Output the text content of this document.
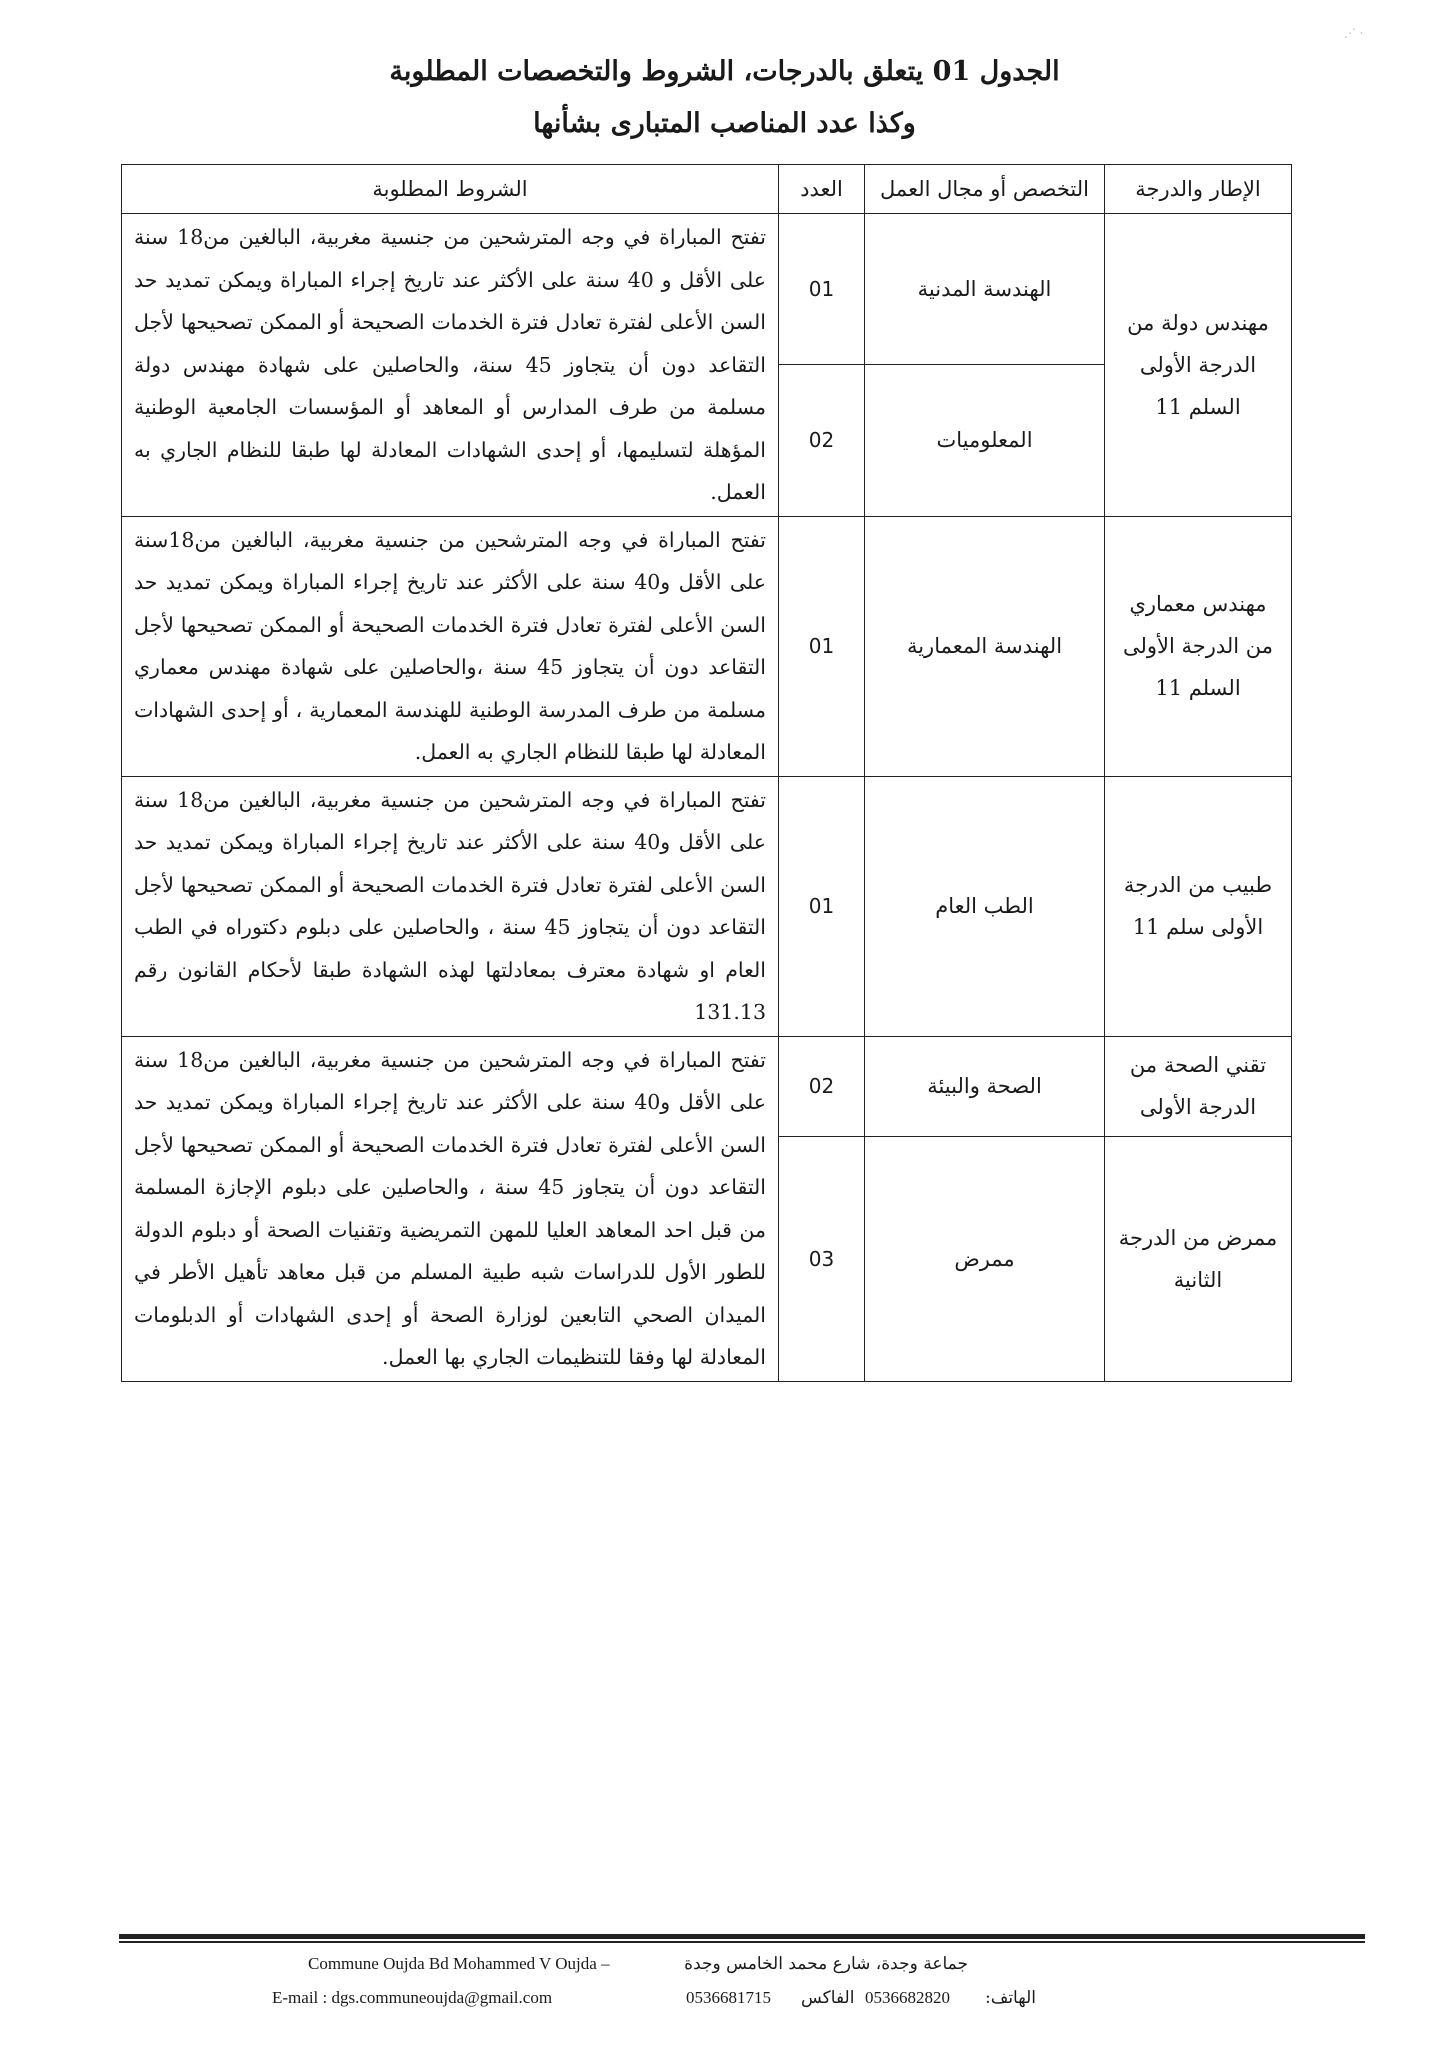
⋰ ⸱
الجدول 01 يتعلق بالدرجات، الشروط والتخصصات المطلوبة
وكذا عدد المناصب المتبارى بشأنها
الإطار والدرجة	التخصص أو مجال العمل	العدد	الشروط المطلوبة
مهندس دولة من الدرجة الأولى السلم 11	الهندسة المدنية	01	تفتح المباراة في وجه المترشحين من جنسية مغربية، البالغين من18 سنة على الأقل و 40 سنة على الأكثر عند تاريخ إجراء المباراة ويمكن تمديد حد السن الأعلى لفترة تعادل فترة الخدمات الصحيحة أو الممكن تصحيحها لأجل التقاعد دون أن يتجاوز 45 سنة، والحاصلين على شهادة مهندس دولة مسلمة من طرف المدارس أو المعاهد أو المؤسسات الجامعية الوطنية المؤهلة لتسليمها، أو إحدى الشهادات المعادلة لها طبقا للنظام الجاري به العمل.
	المعلوميات	02	
مهندس معماري من الدرجة الأولى السلم 11	الهندسة المعمارية	01	تفتح المباراة في وجه المترشحين من جنسية مغربية، البالغين من18سنة على الأقل و40 سنة على الأكثر عند تاريخ إجراء المباراة ويمكن تمديد حد السن الأعلى لفترة تعادل فترة الخدمات الصحيحة أو الممكن تصحيحها لأجل التقاعد دون أن يتجاوز 45 سنة ،والحاصلين على شهادة مهندس معماري مسلمة من طرف المدرسة الوطنية للهندسة المعمارية ، أو إحدى الشهادات المعادلة لها طبقا للنظام الجاري به العمل.
طبيب من الدرجة الأولى سلم 11	الطب العام	01	تفتح المباراة في وجه المترشحين من جنسية مغربية، البالغين من18 سنة على الأقل و40 سنة على الأكثر عند تاريخ إجراء المباراة ويمكن تمديد حد السن الأعلى لفترة تعادل فترة الخدمات الصحيحة أو الممكن تصحيحها لأجل التقاعد دون أن يتجاوز 45 سنة ، والحاصلين على دبلوم دكتوراه في الطب العام او شهادة معترف بمعادلتها لهذه الشهادة طبقا لأحكام القانون رقم 131.13
تقني الصحة من الدرجة الأولى	الصحة والبيئة	02	تفتح المباراة في وجه المترشحين من جنسية مغربية، البالغين من18 سنة على الأقل و40 سنة على الأكثر عند تاريخ إجراء المباراة ويمكن تمديد حد السن الأعلى لفترة تعادل فترة الخدمات الصحيحة أو الممكن تصحيحها لأجل التقاعد دون أن يتجاوز 45 سنة ، والحاصلين على دبلوم الإجازة المسلمة من قبل احد المعاهد العليا للمهن التمريضية وتقنيات الصحة أو دبلوم الدولة للطور الأول للدراسات شبه طبية المسلم من قبل معاهد تأهيل الأطر في الميدان الصحي التابعين لوزارة الصحة أو إحدى الشهادات أو الدبلومات المعادلة لها وفقا للتنظيمات الجاري بها العمل.
ممرض من الدرجة الثانية	ممرض	03	
Commune Oujda Bd Mohammed V Oujda –	جماعة وجدة، شارع محمد الخامس وجدة
E-mail : dgs.communeoujda@gmail.com	0536681715 الفاكس 0536682820 الهاتف:
